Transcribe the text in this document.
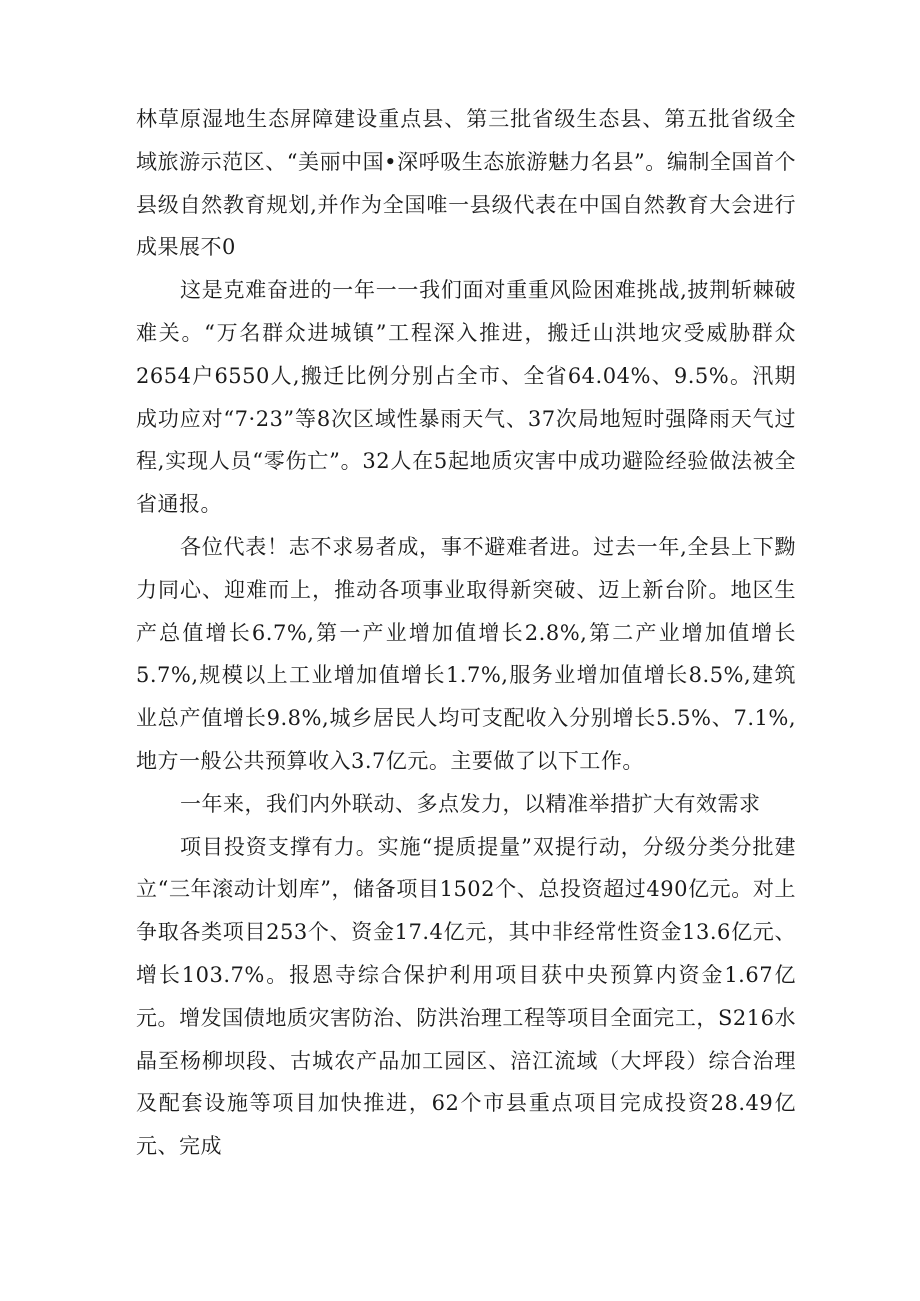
林草原湿地生态屏障建设重点县、第三批省级生态县、第五批省级全域旅游示范区、“美丽中国•深呼吸生态旅游魅力名县”。编制全国首个县级自然教育规划,并作为全国唯一县级代表在中国自然教育大会进行成果展不0

这是克难奋进的一年一一我们面对重重风险困难挑战,披荆斩棘破难关。“万名群众进城镇”工程深入推进，搬迁山洪地灾受威胁群众2654户6550人,搬迁比例分别占全市、全省64.04%、9.5%。汛期成功应对“7·23”等8次区域性暴雨天气、37次局地短时强降雨天气过程,实现人员“零伤亡”。32人在5起地质灾害中成功避险经验做法被全省通报。

各位代表！志不求易者成，事不避难者进。过去一年,全县上下黝力同心、迎难而上，推动各项事业取得新突破、迈上新台阶。地区生产总值增长6.7%,第一产业增加值增长2.8%,第二产业增加值增长5.7%,规模以上工业增加值增长1.7%,服务业增加值增长8.5%,建筑业总产值增长9.8%,城乡居民人均可支配收入分别增长5.5%、7.1%,地方一般公共预算收入3.7亿元。主要做了以下工作。

一年来，我们内外联动、多点发力，以精准举措扩大有效需求

项目投资支撑有力。实施“提质提量”双提行动，分级分类分批建立“三年滚动计划库”，储备项目1502个、总投资超过490亿元。对上争取各类项目253个、资金17.4亿元，其中非经常性资金13.6亿元、增长103.7%。报恩寺综合保护利用项目获中央预算内资金1.67亿元。增发国债地质灾害防治、防洪治理工程等项目全面完工，S216水晶至杨柳坝段、古城农产品加工园区、涪江流域（大坪段）综合治理及配套设施等项目加快推进，62个市县重点项目完成投资28.49亿元、完成
